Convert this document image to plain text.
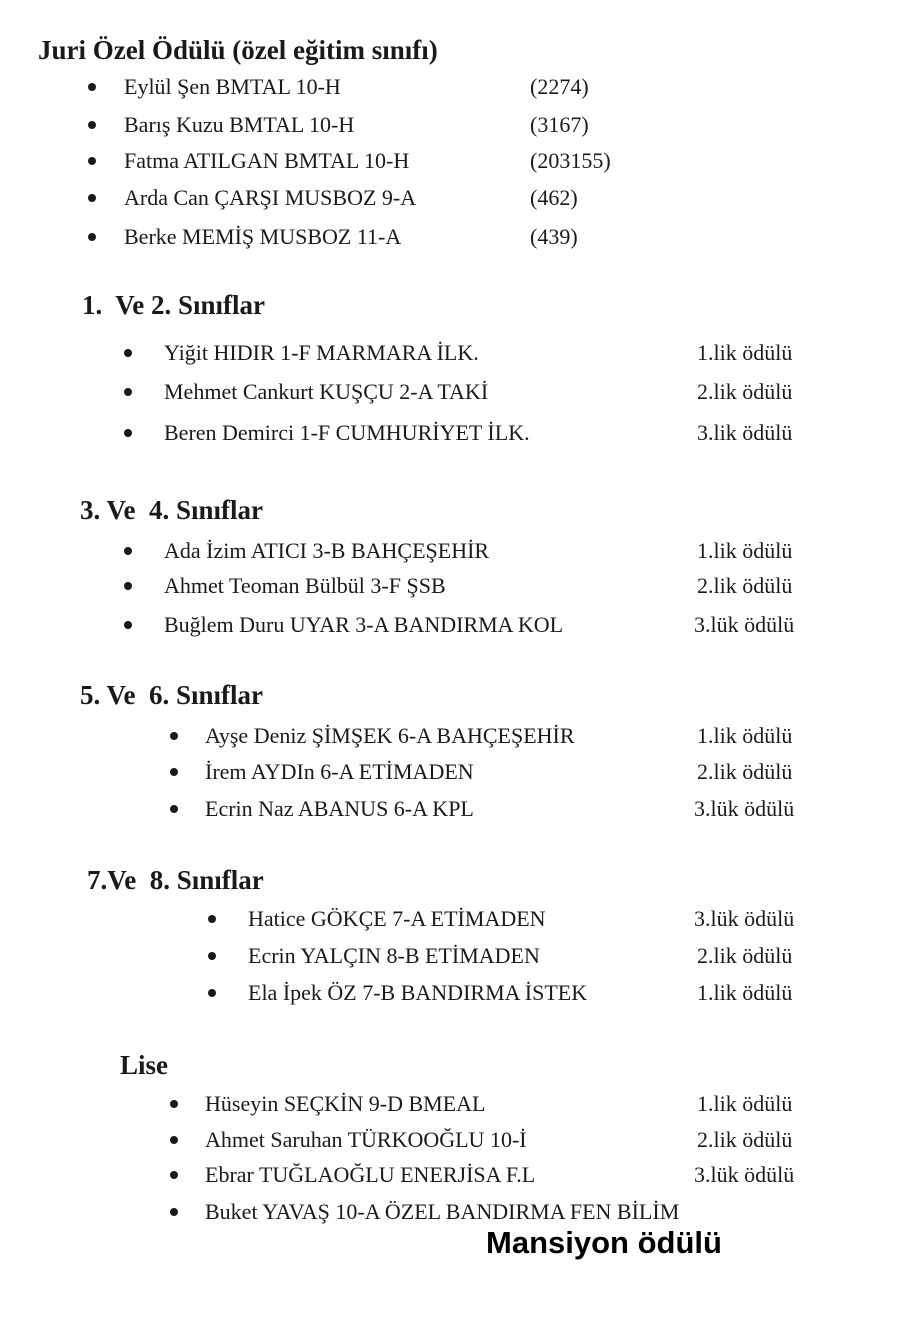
Juri Özel Ödülü (özel eğitim sınıfı)

Eylül Şen BMTAL 10-H

	(2274)

Barış Kuzu BMTAL 10-H

	(3167)

Fatma ATILGAN BMTAL 10-H

	(203155)

Arda Can ÇARŞI MUSBOZ 9-A

	(462)

Berke MEMİŞ MUSBOZ 11-A

	(439)

1.  Ve 2. Sınıflar

Yiğit HIDIR 1-F MARMARA İLK.

	1.lik ödülü

Mehmet Cankurt KUŞÇU 2-A TAKİ

	2.lik ödülü

Beren Demirci 1-F CUMHURİYET İLK.

	3.lik ödülü

3. Ve  4. Sınıflar

Ada İzim ATICI 3-B BAHÇEŞEHİR

	1.lik ödülü

Ahmet Teoman Bülbül 3-F ŞSB

	2.lik ödülü

Buğlem Duru UYAR 3-A BANDIRMA KOL

	3.lük ödülü

5. Ve  6. Sınıflar

Ayşe Deniz ŞİMŞEK 6-A BAHÇEŞEHİR

	1.lik ödülü

İrem AYDIn 6-A ETİMADEN

	2.lik ödülü

Ecrin Naz ABANUS 6-A KPL

	3.lük ödülü

7.Ve  8. Sınıflar

Hatice GÖKÇE 7-A ETİMADEN

	3.lük ödülü

Ecrin YALÇIN 8-B ETİMADEN

	2.lik ödülü

Ela İpek ÖZ 7-B BANDIRMA İSTEK

	1.lik ödülü

Lise

Hüseyin SEÇKİN 9-D BMEAL

	1.lik ödülü

Ahmet Saruhan TÜRKOOĞLU 10-İ

	2.lik ödülü

Ebrar TUĞLAOĞLU ENERJİSA F.L

	3.lük ödülü

Buket YAVAŞ 10-A ÖZEL BANDIRMA FEN BİLİM

Mansiyon ödülü
